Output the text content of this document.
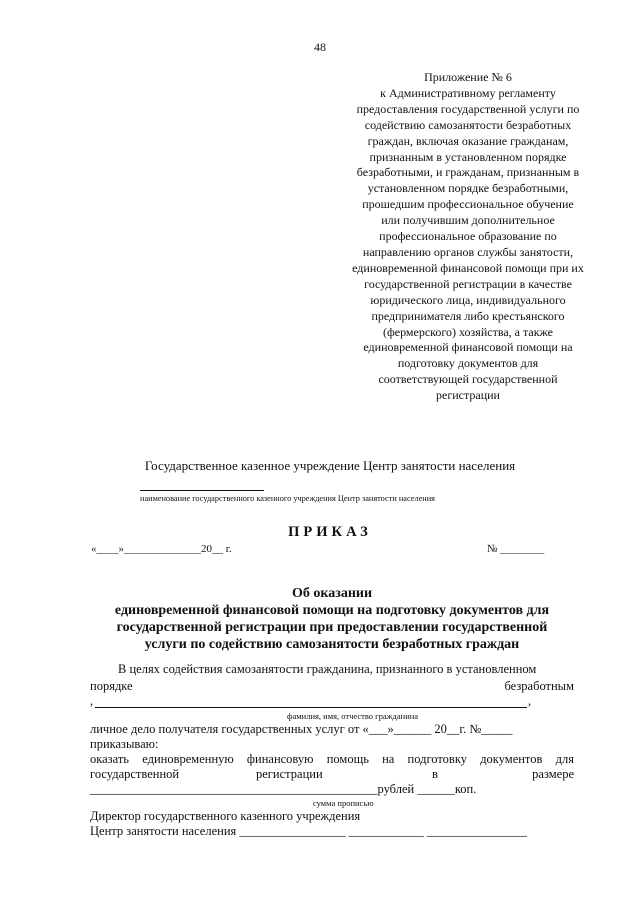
48
Приложение № 6
к Административному регламенту предоставления государственной услуги по содействию самозанятости безработных граждан, включая оказание гражданам, признанным в установленном порядке безработными, и гражданам, признанным в установленном порядке безработными, прошедшим профессиональное обучение или получившим дополнительное профессиональное образование по направлению органов службы занятости, единовременной финансовой помощи при их государственной регистрации в качестве юридического лица, индивидуального предпринимателя либо крестьянского (фермерского) хозяйства, а также единовременной финансовой помощи на подготовку документов для соответствующей государственной регистрации
Государственное казенное учреждение Центр занятости населения
наименование государственного казенного учреждения Центр занятости населения
ПРИКАЗ
«____»______________20__ г.	№ ________
Об оказании
единовременной финансовой помощи на подготовку документов для
государственной регистрации при предоставлении государственной
услуги по содействию самозанятости безработных граждан
В целях содействия самозанятости гражданина, признанного в установленном
порядке	безработным
,	,
фамилия, имя, отчество гражданина
личное дело получателя государственных услуг от «___»______ 20__г. №_____
приказываю:
оказать единовременную финансовую помощь на подготовку документов для
государственной	регистрации	в	размере
______________________________________________рублей ______коп.
сумма прописью
Директор государственного казенного учреждения
Центр занятости населения _________________ ____________ ________________
